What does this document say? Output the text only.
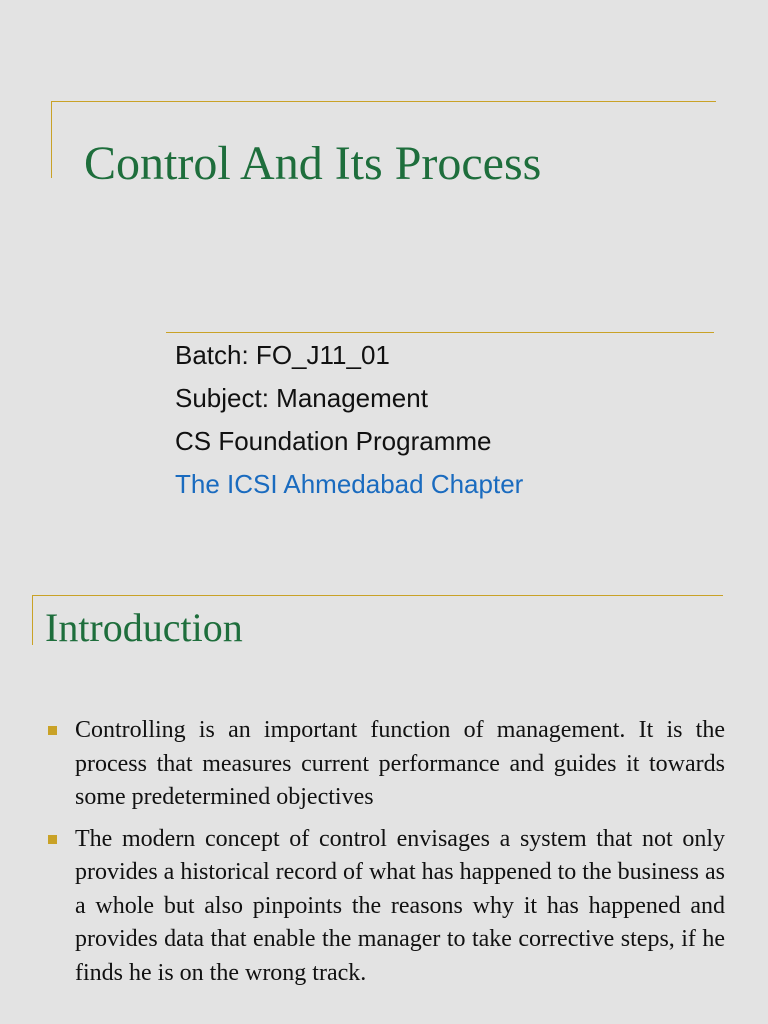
Control And Its Process
Batch: FO_J11_01
Subject: Management
CS Foundation Programme
The ICSI Ahmedabad Chapter
Introduction
Controlling is an important function of management. It is the process that measures current performance and guides it towards some predetermined objectives
The modern concept of control envisages a system that not only provides a historical record of what has happened to the business as a whole but also pinpoints the reasons why it has happened and provides data that enable the manager to take corrective steps, if he finds he is on the wrong track.
